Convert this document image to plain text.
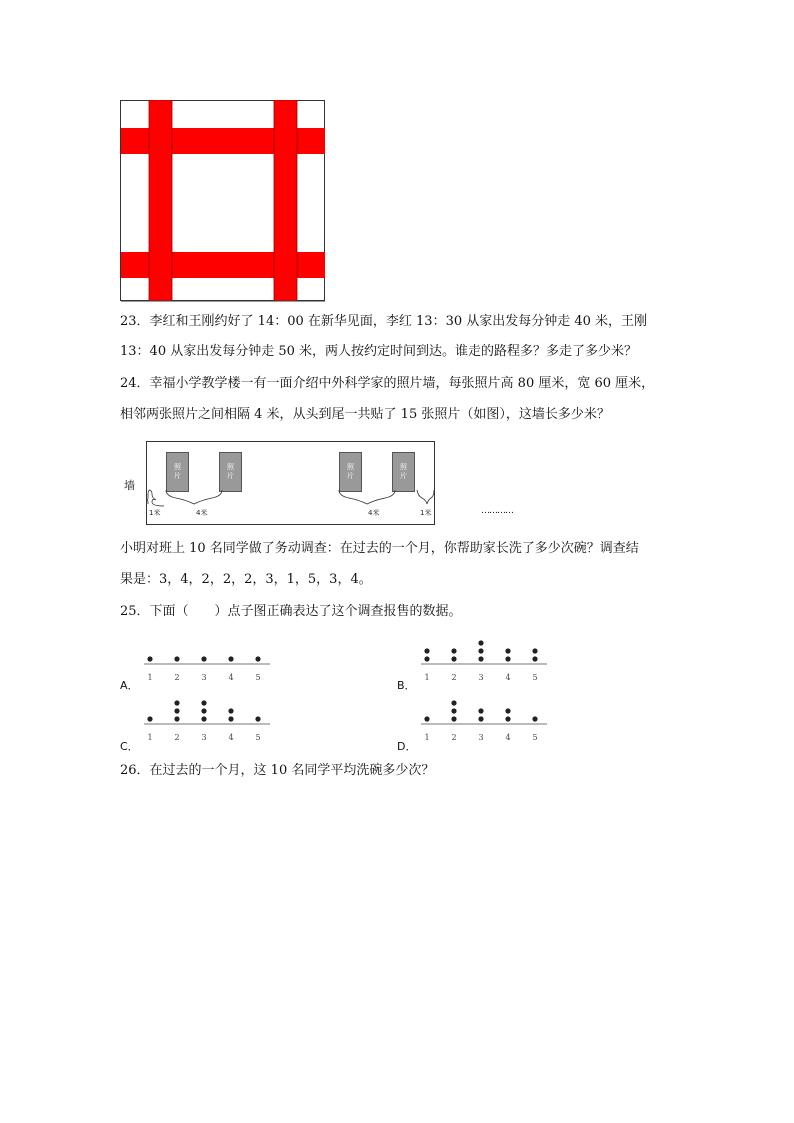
23．李红和王刚约好了 14：00 在新华见面，李红 13：30 从家出发每分钟走 40 米，王刚
13：40 从家出发每分钟走 50 米，两人按约定时间到达。谁走的路程多？多走了多少米？
24．幸福小学教学楼一有一面介绍中外科学家的照片墙，每张照片高 80 厘米，宽 60 厘米，
相邻两张照片之间相隔 4 米，从头到尾一共贴了 15 张照片（如图），这墙长多少米？
墙
照
片
照
片
照
片
照
片
1米	4米	4米	1米	…………
小明对班上 10 名同学做了务动调查：在过去的一个月，你帮助家长洗了多少次碗？调查结
果是：3，4，2，2，2，3，1，5，3，4。
25．下面（　　）点子图正确表达了这个调查报售的数据。
A．
1	2	3	4	5
B．
1	2	3	4	5
C．
1	2	3	4	5
D．
1	2	3	4	5
26．在过去的一个月，这 10 名同学平均洗碗多少次？
